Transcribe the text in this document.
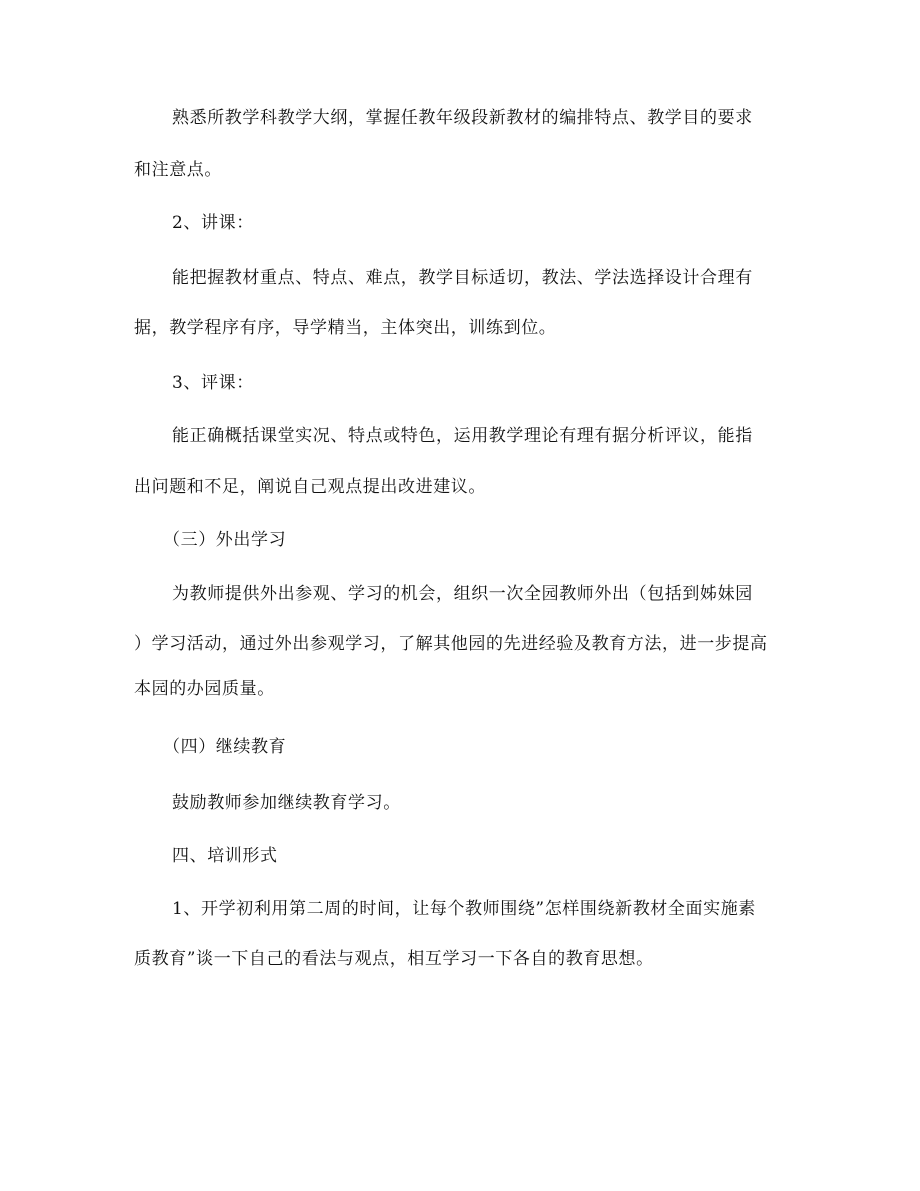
熟悉所教学科教学大纲，掌握任教年级段新教材的编排特点、教学目的要求
和注意点。
2、讲课：
能把握教材重点、特点、难点，教学目标适切，教法、学法选择设计合理有
据，教学程序有序，导学精当，主体突出，训练到位。
3、评课：
能正确概括课堂实况、特点或特色，运用教学理论有理有据分析评议，能指
出问题和不足，阐说自己观点提出改进建议。
（三）外出学习
为教师提供外出参观、学习的机会，组织一次全园教师外出（包括到姊妹园
）学习活动，通过外出参观学习，了解其他园的先进经验及教育方法，进一步提高
本园的办园质量。
（四）继续教育
鼓励教师参加继续教育学习。
四、培训形式
1、开学初利用第二周的时间，让每个教师围绕”怎样围绕新教材全面实施素
质教育”谈一下自己的看法与观点，相互学习一下各自的教育思想。
